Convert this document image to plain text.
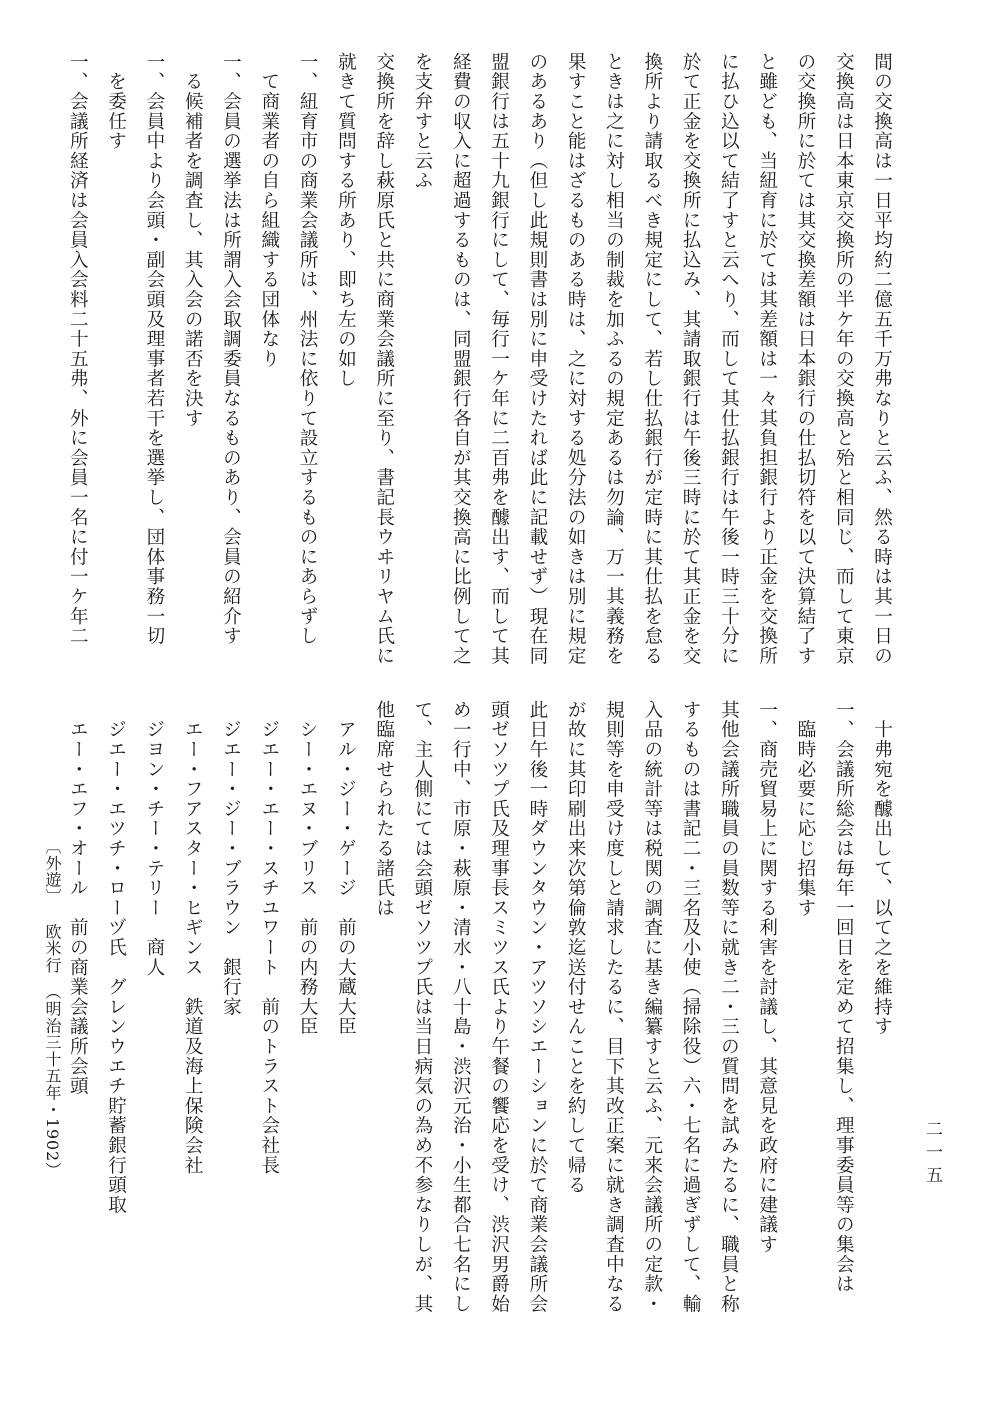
間の交換高は一日平均約二億五千万弗なりと云ふ、然る時は其一日の
交換高は日本東京交換所の半ケ年の交換高と殆と相同じ、而して東京
の交換所に於ては其交換差額は日本銀行の仕払切符を以て決算結了す
と雖ども、当紐育に於ては其差額は一々其負担銀行より正金を交換所
に払ひ込以て結了すと云へり、而して其仕払銀行は午後一時三十分に
於て正金を交換所に払込み、其請取銀行は午後三時に於て其正金を交
換所より請取るべき規定にして、若し仕払銀行が定時に其仕払を怠る
ときは之に対し相当の制裁を加ふるの規定あるは勿論、万一其義務を
果すこと能はざるものある時は、之に対する処分法の如きは別に規定
のあるあり（但し此規則書は別に申受けたれば此に記載せず）現在同
盟銀行は五十九銀行にして、毎行一ケ年に二百弗を醵出す、而して其
経費の収入に超過するものは、同盟銀行各自が其交換高に比例して之
を支弁すと云ふ
交換所を辞し萩原氏と共に商業会議所に至り、書記長ウヰリヤム氏に
就きて質問する所あり、即ち左の如し
一、紐育市の商業会議所は、州法に依りて設立するものにあらずし
　て商業者の自ら組織する団体なり
一、会員の選挙法は所謂入会取調委員なるものあり、会員の紹介す
　る候補者を調査し、其入会の諾否を決す
一、会員中より会頭・副会頭及理事者若干を選挙し、団体事務一切
　を委任す
一、会議所経済は会員入会料二十五弗、外に会員一名に付一ケ年二
　十弗宛を醵出して、以て之を維持す
一、会議所総会は毎年一回日を定めて招集し、理事委員等の集会は
　臨時必要に応じ招集す
一、商売貿易上に関する利害を討議し、其意見を政府に建議す
其他会議所職員の員数等に就き二・三の質問を試みたるに、職員と称
するものは書記二・三名及小使（掃除役）六・七名に過ぎずして、輸
入品の統計等は税関の調査に基き編纂すと云ふ、元来会議所の定款・
規則等を申受け度しと請求したるに、目下其改正案に就き調査中なる
が故に其印刷出来次第倫敦迄送付せんことを約して帰る
此日午後一時ダウンタウン・アツソシエーションに於て商業会議所会
頭ゼソツプ氏及理事長スミツス氏より午餐の饗応を受け、渋沢男爵始
め一行中、市原・萩原・清水・八十島・渋沢元治・小生都合七名にし
て、主人側にては会頭ゼソツプ氏は当日病気の為め不参なりしが、其
他臨席せられたる諸氏は
　アル・ジー・ゲージ　前の大蔵大臣
　シー・エヌ・ブリス　前の内務大臣
　ジエー・エー・スチユワート　前のトラスト会社長
　ジエー・ジー・ブラウン　銀行家
　エー・フアスター・ヒギンス　鉄道及海上保険会社
　ジヨン・チー・テリー　商人
　ジエー・エツチ・ローヅ氏　グレンウエチ貯蓄銀行頭取
　エー・エフ・オール　前の商業会議所会頭
〔外遊〕欧米行（明治三十五年・1902）	二一五
